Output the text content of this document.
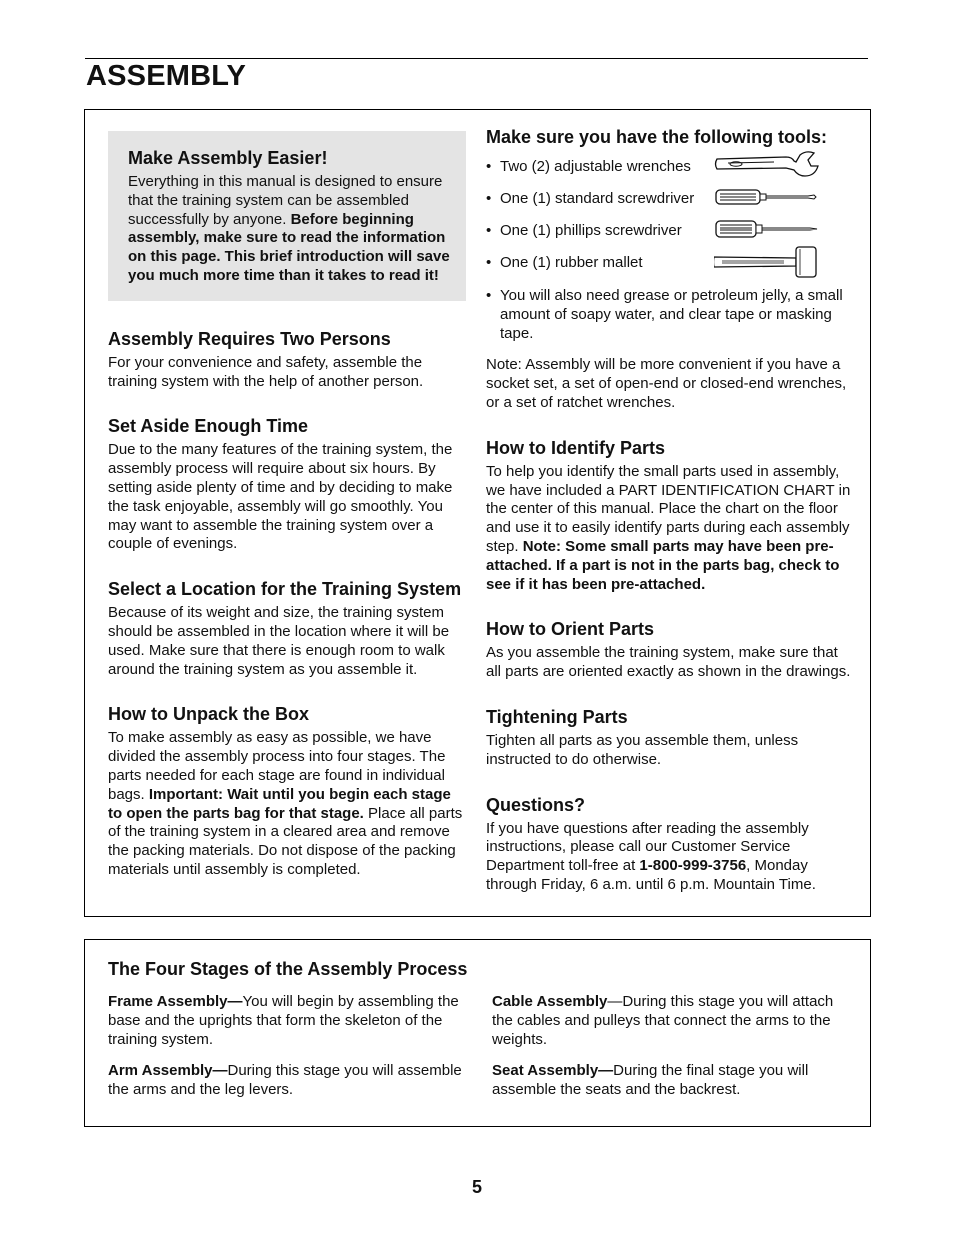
ASSEMBLY
Make Assembly Easier!

Everything in this manual is designed to ensure that the training system can be assembled successfully by anyone. Before beginning assembly, make sure to read the information on this page. This brief introduction will save you much more time than it takes to read it!

Assembly Requires Two Persons

For your convenience and safety, assemble the training system with the help of another person.

Set Aside Enough Time

Due to the many features of the training system, the assembly process will require about six hours. By setting aside plenty of time and by deciding to make the task enjoyable, assembly will go smoothly. You may want to assemble the training system over a couple of evenings.

Select a Location for the Training System

Because of its weight and size, the training system should be assembled in the location where it will be used. Make sure that there is enough room to walk around the training system as you assemble it.

How to Unpack the Box

To make assembly as easy as possible, we have divided the assembly process into four stages. The parts needed for each stage are found in individual bags. Important: Wait until you begin each stage to open the parts bag for that stage. Place all parts of the training system in a cleared area and remove the packing materials. Do not dispose of the packing materials until assembly is completed.

Make sure you have the following tools:
• Two (2) adjustable wrenches
• One (1) standard screwdriver
• One (1) phillips screwdriver
• One (1) rubber mallet

• You will also need grease or petroleum jelly, a small amount of soapy water, and clear tape or masking tape.

Note: Assembly will be more convenient if you have a socket set, a set of open-end or closed-end wrenches, or a set of ratchet wrenches.

How to Identify Parts

To help you identify the small parts used in assembly, we have included a PART IDENTIFICATION CHART in the center of this manual. Place the chart on the floor and use it to easily identify parts during each assembly step. Note: Some small parts may have been pre-attached. If a part is not in the parts bag, check to see if it has been pre-attached.

How to Orient Parts

As you assemble the training system, make sure that all parts are oriented exactly as shown in the drawings.

Tightening Parts

Tighten all parts as you assemble them, unless instructed to do otherwise.

Questions?

If you have questions after reading the assembly instructions, please call our Customer Service Department toll-free at 1-800-999-3756, Monday through Friday, 6 a.m. until 6 p.m. Mountain Time.

The Four Stages of the Assembly Process

Frame Assembly—You will begin by assembling the base and the uprights that form the skeleton of the training system.

Cable Assembly—During this stage you will attach the cables and pulleys that connect the arms to the weights.

Arm Assembly—During this stage you will assemble the arms and the leg levers.

Seat Assembly—During the final stage you will assemble the seats and the backrest.

5
